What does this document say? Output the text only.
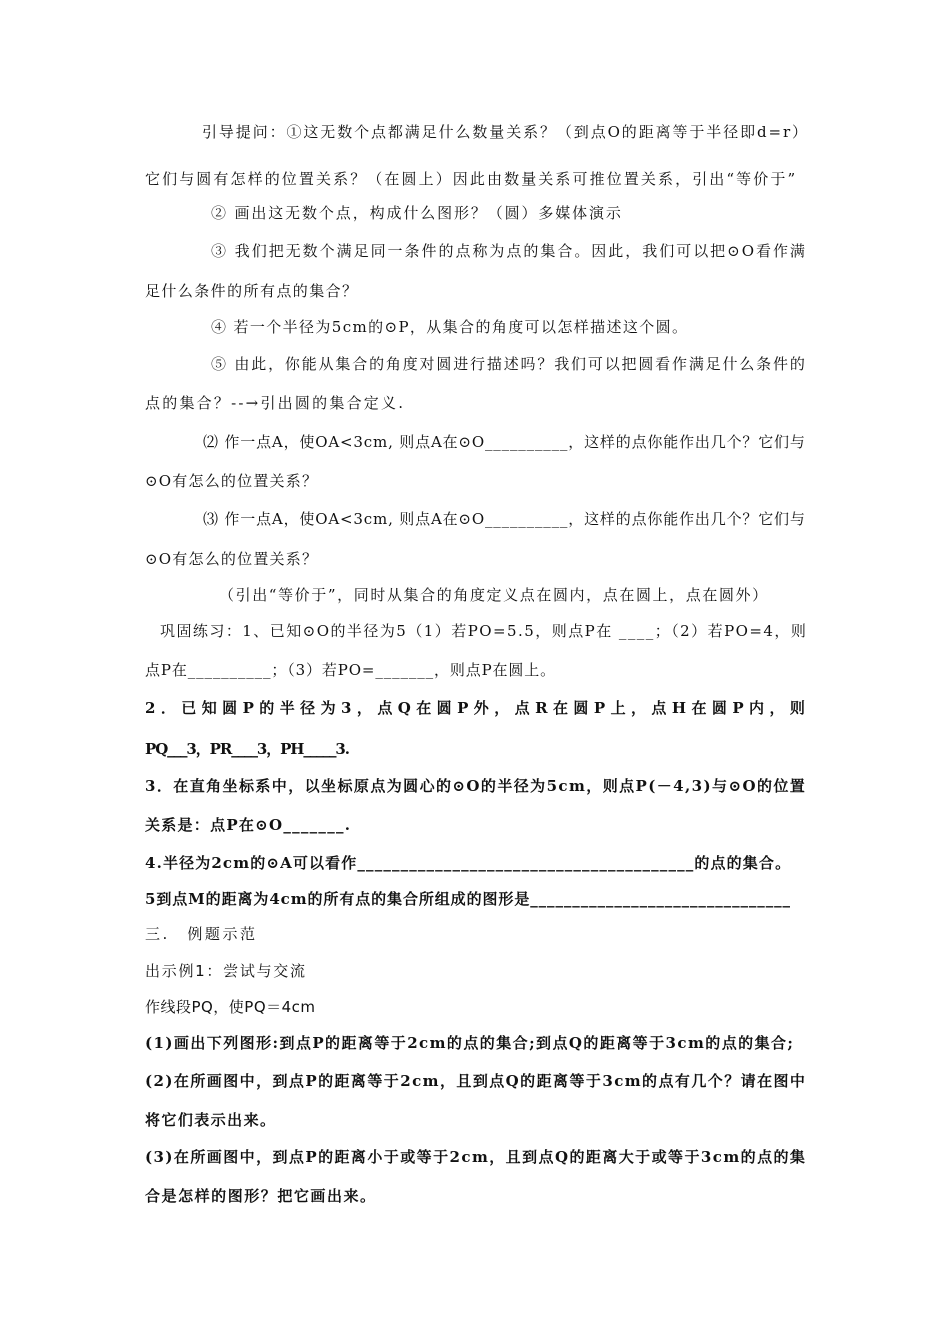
引导提问：①这无数个点都满足什么数量关系？（到点O的距离等于半径即d=r）
它们与圆有怎样的位置关系？（在圆上）因此由数量关系可推位置关系，引出“等价于”
② 画出这无数个点，构成什么图形？（圆）多媒体演示
③ 我们把无数个满足同一条件的点称为点的集合。因此，我们可以把⊙O看作满
足什么条件的所有点的集合？
④ 若一个半径为5cm的⊙P，从集合的角度可以怎样描述这个圆。
⑤ 由此，你能从集合的角度对圆进行描述吗？我们可以把圆看作满足什么条件的
点的集合？--→引出圆的集合定义.
⑵ 作一点A，使OA<3cm, 则点A在⊙O__________，这样的点你能作出几个？它们与
⊙O有怎么的位置关系？
⑶ 作一点A，使OA<3cm, 则点A在⊙O__________，这样的点你能作出几个？它们与
⊙O有怎么的位置关系？
（引出“等价于”，同时从集合的角度定义点在圆内，点在圆上，点在圆外）
巩固练习：1、已知⊙O的半径为5（1）若PO=5.5，则点P在 ____；（2）若PO=4，则
点P在__________；（3）若PO=_______，则点P在圆上。
2．已知圆P的半径为3，点Q在圆P外，点R在圆P上，点H在圆P内，则
PQ___3，PR____3，PH_____3.
3．在直角坐标系中，以坐标原点为圆心的⊙O的半径为5cm，则点P(－4,3)与⊙O的位置
关系是：点P在⊙O_______.
4.半径为2cm的⊙A可以看作_______________________________________的点的集合。
5到点M的距离为4cm的所有点的集合所组成的图形是_______________________________
三.　例题示范
出示例1：尝试与交流
作线段PQ，使PQ＝4cm
(1)画出下列图形:到点P的距离等于2cm的点的集合;到点Q的距离等于3cm的点的集合;
(2)在所画图中，到点P的距离等于2cm，且到点Q的距离等于3cm的点有几个？请在图中
将它们表示出来。
(3)在所画图中，到点P的距离小于或等于2cm，且到点Q的距离大于或等于3cm的点的集
合是怎样的图形？把它画出来。
